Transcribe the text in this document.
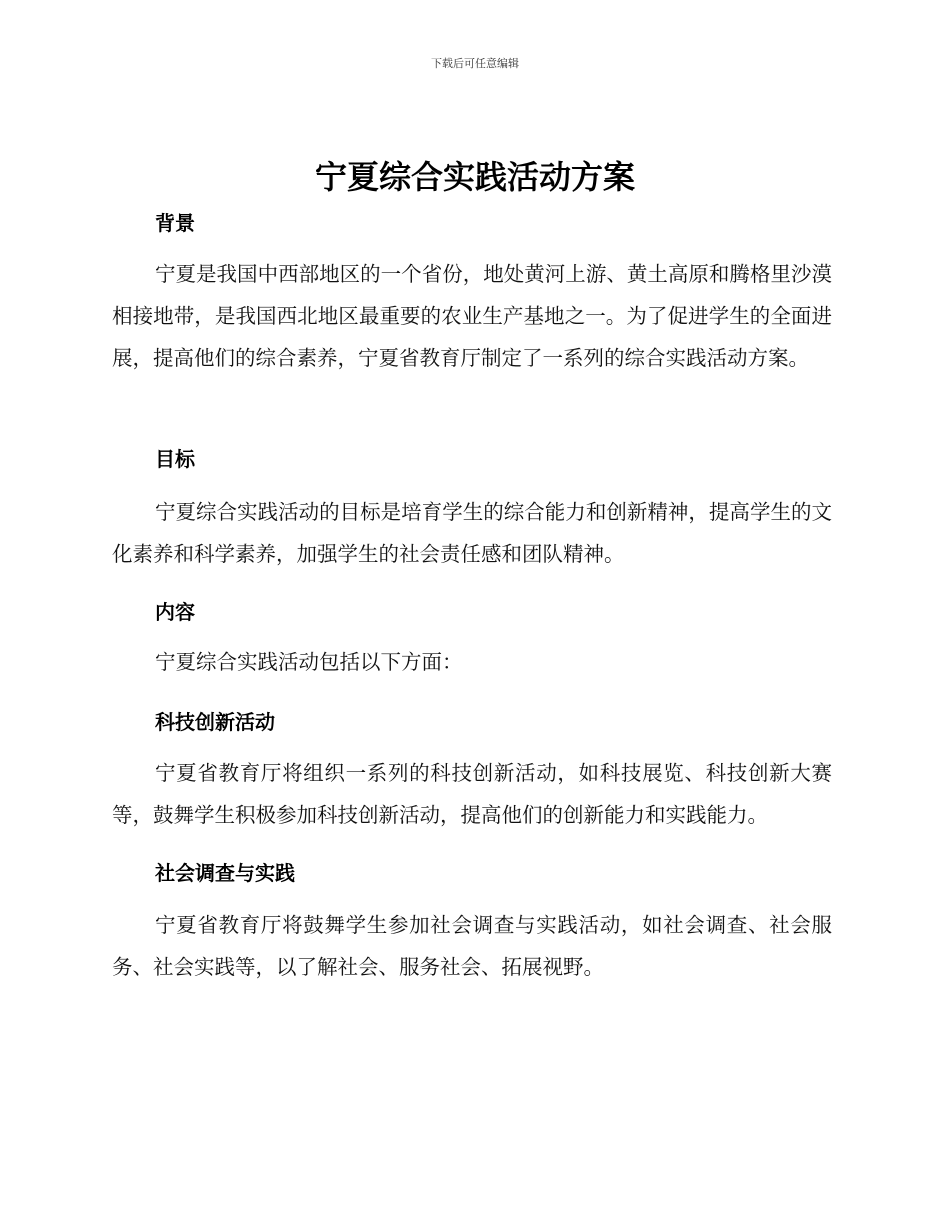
下载后可任意编辑
宁夏综合实践活动方案
背景

宁夏是我国中西部地区的一个省份，地处黄河上游、黄土高原和腾格里沙漠相接地带，是我国西北地区最重要的农业生产基地之一。为了促进学生的全面进展，提高他们的综合素养，宁夏省教育厅制定了一系列的综合实践活动方案。

目标

宁夏综合实践活动的目标是培育学生的综合能力和创新精神，提高学生的文化素养和科学素养，加强学生的社会责任感和团队精神。

内容

宁夏综合实践活动包括以下方面：

科技创新活动

宁夏省教育厅将组织一系列的科技创新活动，如科技展览、科技创新大赛等，鼓舞学生积极参加科技创新活动，提高他们的创新能力和实践能力。

社会调查与实践

宁夏省教育厅将鼓舞学生参加社会调查与实践活动，如社会调查、社会服务、社会实践等，以了解社会、服务社会、拓展视野。
